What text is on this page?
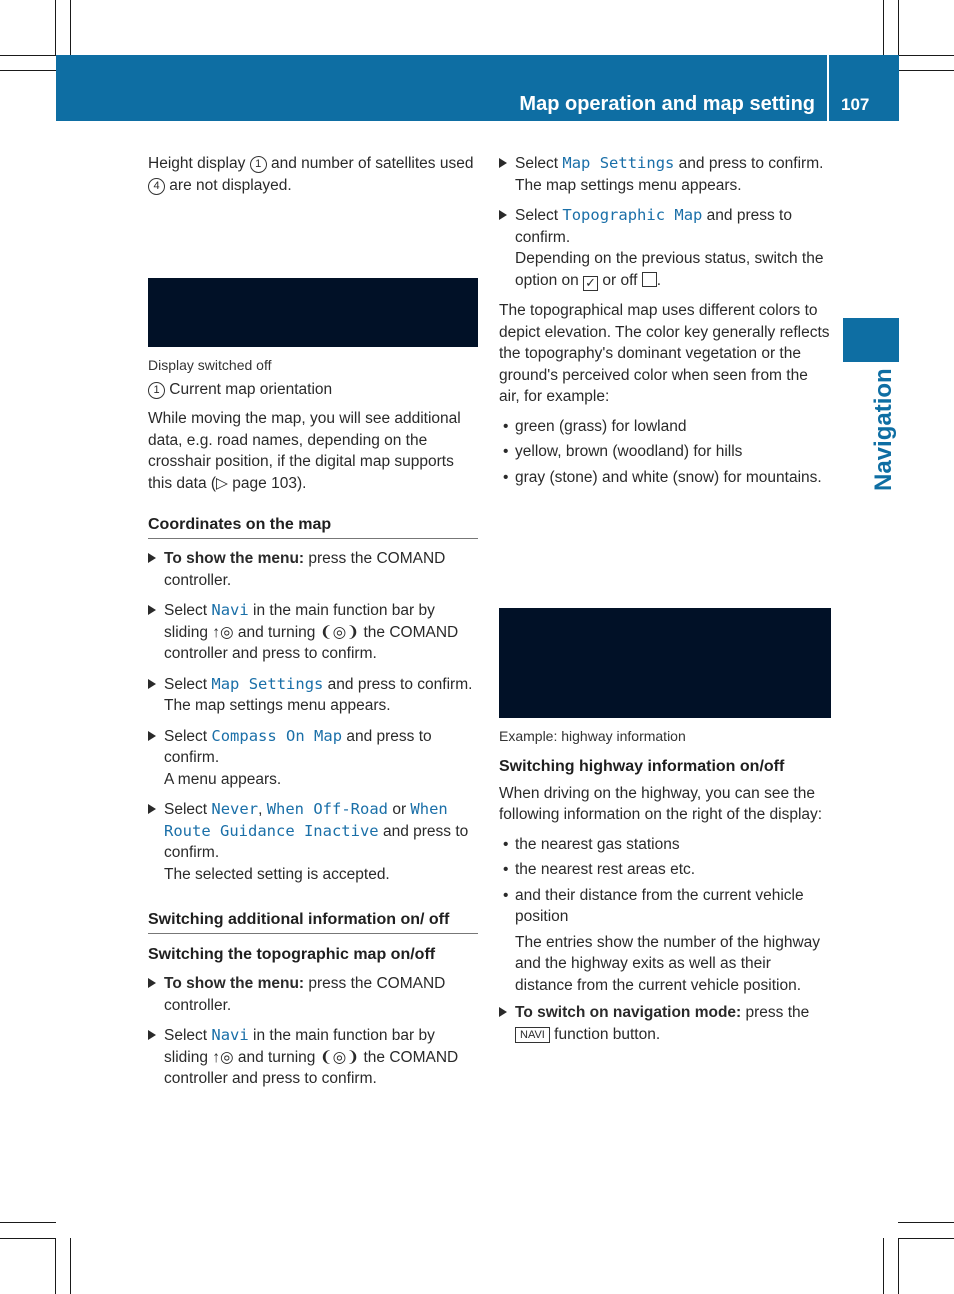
Map operation and map setting 107
Navigation

Height display 1 and number of satellites used 4 are not displayed.

Display switched off

1 Current map orientation

While moving the map, you will see additional data, e.g. road names, depending on the crosshair position, if the digital map supports this data (▷ page 103).

Coordinates on the map
To show the menu: press the COMAND controller.
Select Navi in the main function bar by sliding ↑◎ and turning ❨◎❩ the COMAND controller and press to confirm.
Select Map Settings and press to confirm.
The map settings menu appears.
Select Compass On Map and press to confirm.
A menu appears.
Select Never, When Off-Road or When Route Guidance Inactive and press to confirm.
The selected setting is accepted.
Switching additional information on/ off
Switching the topographic map on/off
To show the menu: press the COMAND controller.
Select Navi in the main function bar by sliding ↑◎ and turning ❨◎❩ the COMAND controller and press to confirm.
Select Map Settings and press to confirm.
The map settings menu appears.
Select Topographic Map and press to confirm.
Depending on the previous status, switch the option on ✓ or off .

The topographical map uses different colors to depict elevation. The color key generally reflects the topography's dominant vegetation or the ground's perceived color when seen from the air, for example:

• green (grass) for lowland
• yellow, brown (woodland) for hills
• gray (stone) and white (snow) for mountains.

Example: highway information

Switching highway information on/off

When driving on the highway, you can see the following information on the right of the display:

• the nearest gas stations
• the nearest rest areas etc.
• and their distance from the current vehicle position

The entries show the number of the highway and the highway exits as well as their distance from the current vehicle position.

To switch on navigation mode: press the NAVI function button.
